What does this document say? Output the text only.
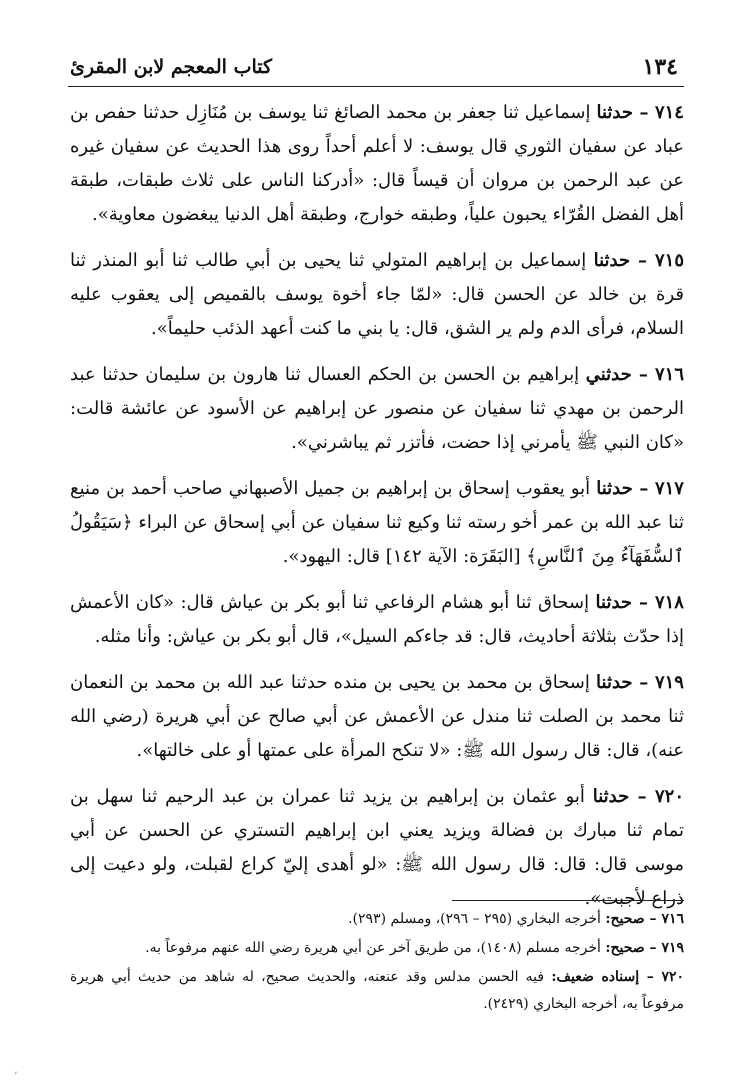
١٣٤
كتاب المعجم لابن المقرئ

٧١٤ – حدثنا إسماعيل ثنا جعفر بن محمد الصائغ ثنا يوسف بن مُنَازِل حدثنا حفص بن عباد عن سفيان الثوري قال يوسف: لا أعلم أحداً روى هذا الحديث عن سفيان غيره عن عبد الرحمن بن مروان أن قيساً قال: «أدركنا الناس على ثلاث طبقات، طبقة أهل الفضل القُرّاء يحبون علياً، وطبقه خوارج، وطبقة أهل الدنيا يبغضون معاوية».

٧١٥ – حدثنا إسماعيل بن إبراهيم المتولي ثنا يحيى بن أبي طالب ثنا أبو المنذر ثنا قرة بن خالد عن الحسن قال: «لمّا جاء أخوة يوسف بالقميص إلى يعقوب عليه السلام، فرأى الدم ولم ير الشق، قال: يا بني ما كنت أعهد الذئب حليماً».

٧١٦ – حدثني إبراهيم بن الحسن بن الحكم العسال ثنا هارون بن سليمان حدثنا عبد الرحمن بن مهدي ثنا سفيان عن منصور عن إبراهيم عن الأسود عن عائشة قالت: «كان النبي ﷺ يأمرني إذا حضت، فأتزر ثم يباشرني».

٧١٧ – حدثنا أبو يعقوب إسحاق بن إبراهيم بن جميل الأصبهاني صاحب أحمد بن منيع ثنا عبد الله بن عمر أخو رسته ثنا وكيع ثنا سفيان عن أبي إسحاق عن البراء ﴿سَيَقُولُ ٱلسُّفَهَآءُ مِنَ ٱلنَّاسِ﴾ [البَقَرَة: الآية ١٤٢] قال: اليهود».

٧١٨ – حدثنا إسحاق ثنا أبو هشام الرفاعي ثنا أبو بكر بن عياش قال: «كان الأعمش إذا حدّث بثلاثة أحاديث، قال: قد جاءكم السيل»، قال أبو بكر بن عياش: وأنا مثله.

٧١٩ – حدثنا إسحاق بن محمد بن يحيى بن منده حدثنا عبد الله بن محمد بن النعمان ثنا محمد بن الصلت ثنا مندل عن الأعمش عن أبي صالح عن أبي هريرة (رضي الله عنه)، قال: قال رسول الله ﷺ: «لا تنكح المرأة على عمتها أو على خالتها».

٧٢٠ – حدثنا أبو عثمان بن إبراهيم بن يزيد ثنا عمران بن عبد الرحيم ثنا سهل بن تمام ثنا مبارك بن فضالة ويزيد يعني ابن إبراهيم التستري عن الحسن عن أبي موسى قال: قال: قال رسول الله ﷺ: «لو أهدى إليّ كراع لقبلت، ولو دعيت إلى ذراع لأجبت».

٧١٦ – صحيح: أخرجه البخاري (٢٩٥ – ٢٩٦)، ومسلم (٢٩٣).

٧١٩ – صحيح: أخرجه مسلم (١٤٠٨)، من طريق آخر عن أبي هريرة رضي الله عنهم مرفوعاً به.

٧٢٠ – إسناده ضعيف: فيه الحسن مدلس وقد عنعنه، والحديث صحيح، له شاهد من حديث أبي هريرة مرفوعاً به، أخرجه البخاري (٢٤٢٩).

,
